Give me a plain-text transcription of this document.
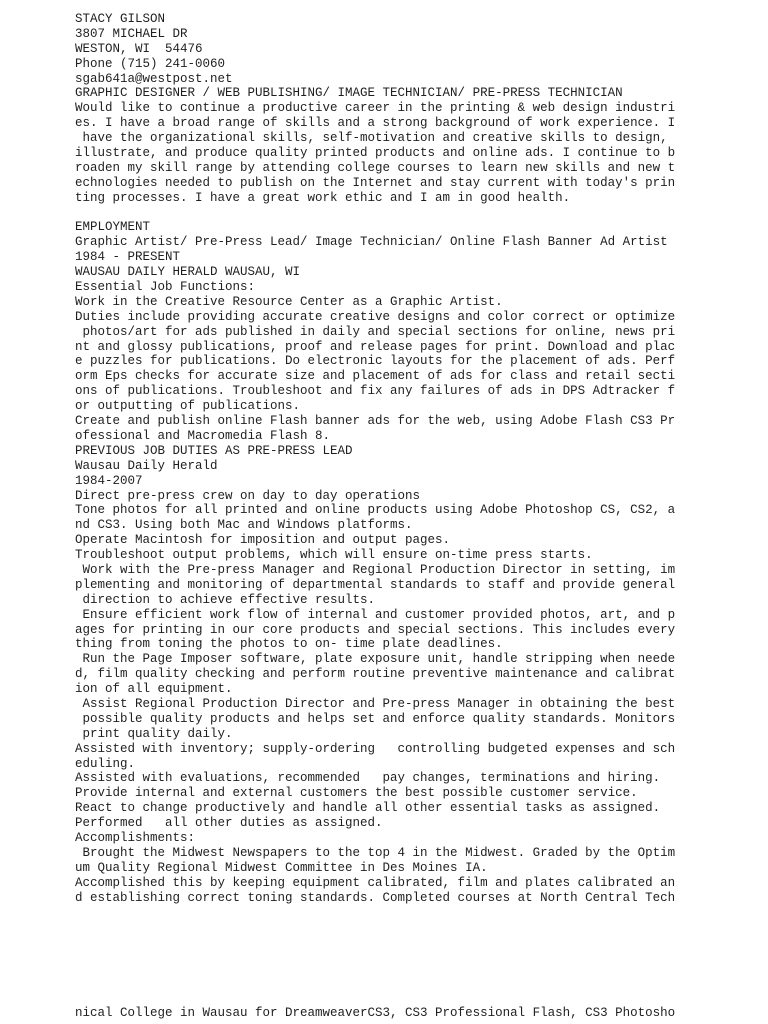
STACY GILSON
3807 MICHAEL DR
WESTON, WI  54476
Phone (715) 241-0060
sgab641a@westpost.net
GRAPHIC DESIGNER / WEB PUBLISHING/ IMAGE TECHNICIAN/ PRE-PRESS TECHNICIAN
Would like to continue a productive career in the printing & web design industri
es. I have a broad range of skills and a strong background of work experience. I
have the organizational skills, self-motivation and creative skills to design,
illustrate, and produce quality printed products and online ads. I continue to b
roaden my skill range by attending college courses to learn new skills and new t
echnologies needed to publish on the Internet and stay current with today's prin
ting processes. I have a great work ethic and I am in good health.
EMPLOYMENT
Graphic Artist/ Pre-Press Lead/ Image Technician/ Online Flash Banner Ad Artist
1984 - PRESENT
WAUSAU DAILY HERALD WAUSAU, WI
Essential Job Functions:
Work in the Creative Resource Center as a Graphic Artist.
Duties include providing accurate creative designs and color correct or optimize
photos/art for ads published in daily and special sections for online, news pri
nt and glossy publications, proof and release pages for print. Download and plac
e puzzles for publications. Do electronic layouts for the placement of ads. Perf
orm Eps checks for accurate size and placement of ads for class and retail secti
ons of publications. Troubleshoot and fix any failures of ads in DPS Adtracker f
or outputting of publications.
Create and publish online Flash banner ads for the web, using Adobe Flash CS3 Pr
ofessional and Macromedia Flash 8.
PREVIOUS JOB DUTIES AS PRE-PRESS LEAD
Wausau Daily Herald
1984-2007
Direct pre-press crew on day to day operations
Tone photos for all printed and online products using Adobe Photoshop CS, CS2, a
nd CS3. Using both Mac and Windows platforms.
Operate Macintosh for imposition and output pages.
Troubleshoot output problems, which will ensure on-time press starts.
Work with the Pre-press Manager and Regional Production Director in setting, im
plementing and monitoring of departmental standards to staff and provide general
direction to achieve effective results.
Ensure efficient work flow of internal and customer provided photos, art, and p
ages for printing in our core products and special sections. This includes every
thing from toning the photos to on- time plate deadlines.
Run the Page Imposer software, plate exposure unit, handle stripping when neede
d, film quality checking and perform routine preventive maintenance and calibrat
ion of all equipment.
Assist Regional Production Director and Pre-press Manager in obtaining the best
possible quality products and helps set and enforce quality standards. Monitors
print quality daily.
Assisted with inventory; supply-ordering   controlling budgeted expenses and sch
eduling.
Assisted with evaluations, recommended   pay changes, terminations and hiring.
Provide internal and external customers the best possible customer service.
React to change productively and handle all other essential tasks as assigned.
Performed   all other duties as assigned.
Accomplishments:
Brought the Midwest Newspapers to the top 4 in the Midwest. Graded by the Optim
um Quality Regional Midwest Committee in Des Moines IA.
Accomplished this by keeping equipment calibrated, film and plates calibrated an
d establishing correct toning standards. Completed courses at North Central Tech
nical College in Wausau for DreamweaverCS3, CS3 Professional Flash, CS3 Photosho
